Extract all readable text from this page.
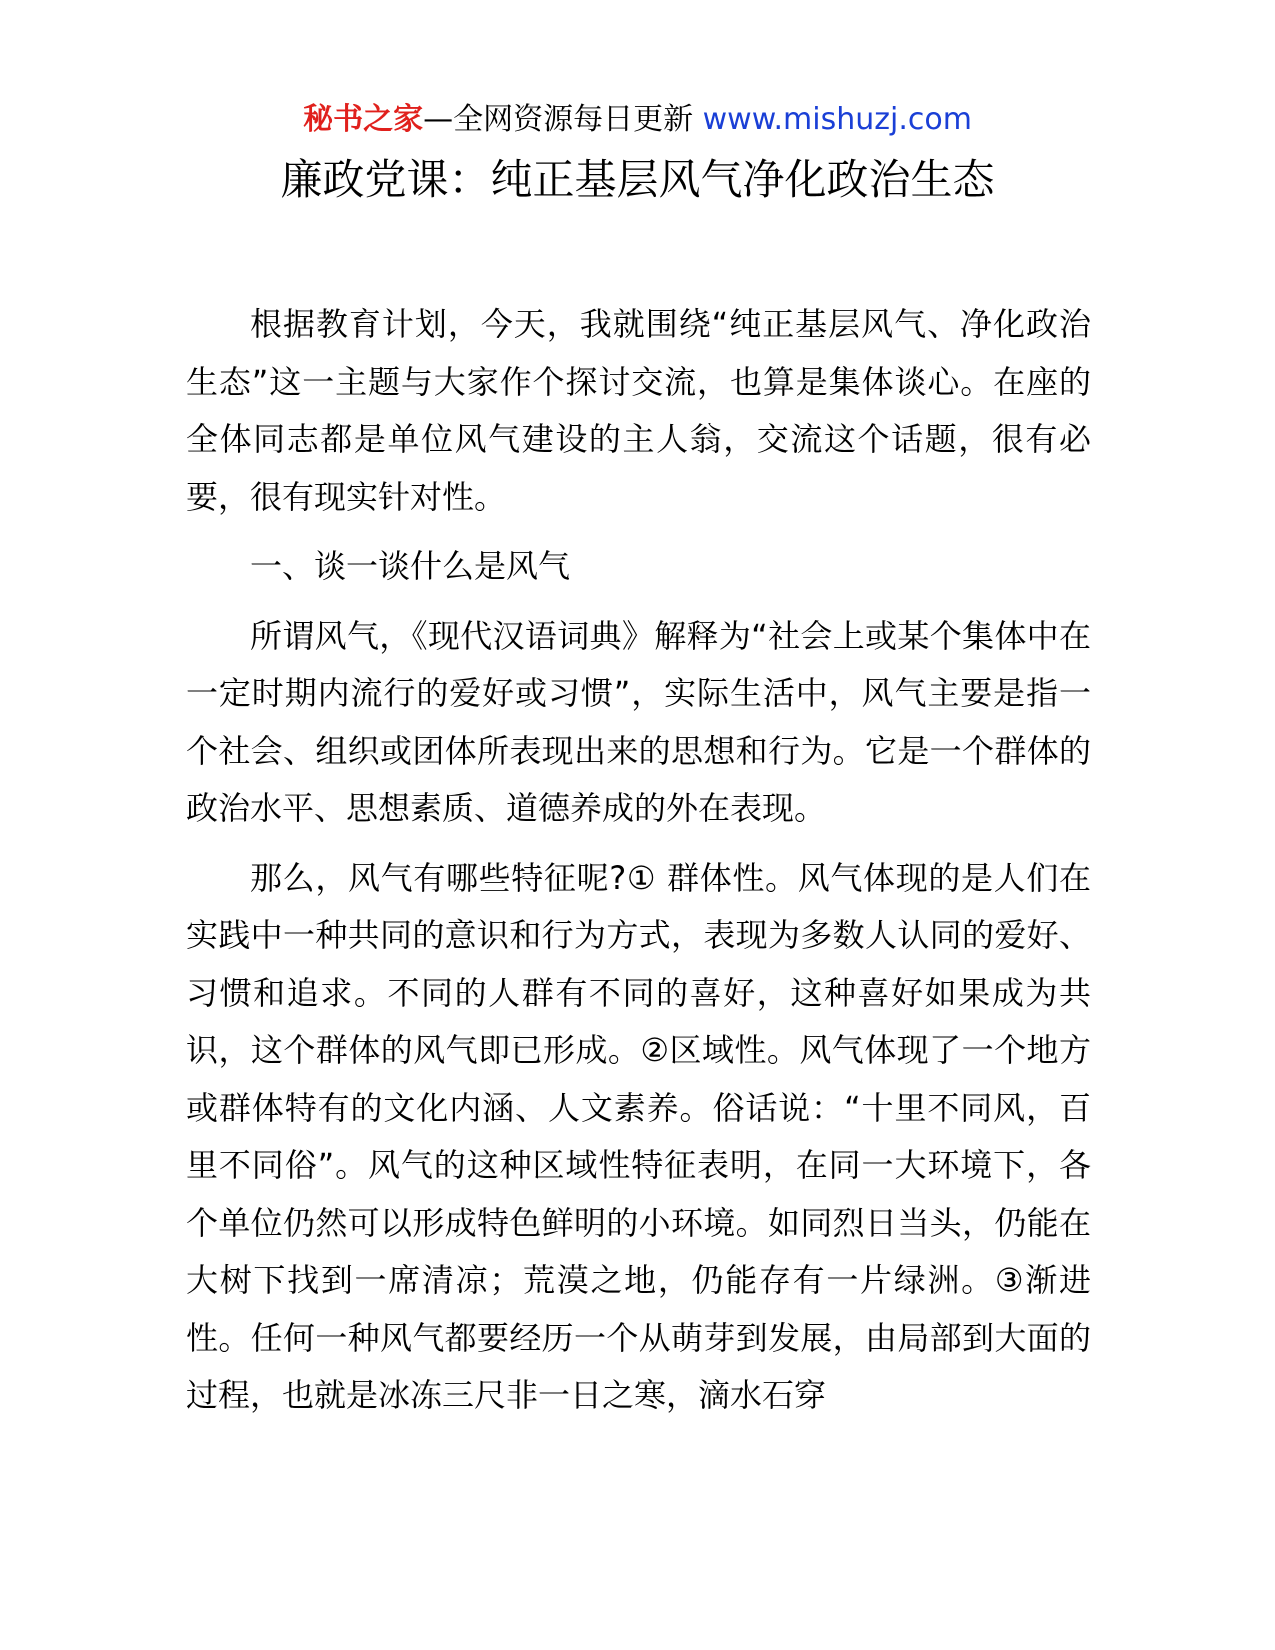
秘书之家—全网资源每日更新 www.mishuzj.com
廉政党课：纯正基层风气净化政治生态

根据教育计划，今天，我就围绕“纯正基层风气、净化政治生态”这一主题与大家作个探讨交流，也算是集体谈心。在座的全体同志都是单位风气建设的主人翁，交流这个话题，很有必要，很有现实针对性。

一、谈一谈什么是风气

所谓风气，《现代汉语词典》解释为“社会上或某个集体中在一定时期内流行的爱好或习惯”，实际生活中，风气主要是指一个社会、组织或团体所表现出来的思想和行为。它是一个群体的政治水平、思想素质、道德养成的外在表现。

那么，风气有哪些特征呢?① 群体性。风气体现的是人们在实践中一种共同的意识和行为方式，表现为多数人认同的爱好、习惯和追求。不同的人群有不同的喜好，这种喜好如果成为共识，这个群体的风气即已形成。②区域性。风气体现了一个地方或群体特有的文化内涵、人文素养。俗话说：“十里不同风，百里不同俗”。风气的这种区域性特征表明，在同一大环境下，各个单位仍然可以形成特色鲜明的小环境。如同烈日当头，仍能在大树下找到一席清凉；荒漠之地，仍能存有一片绿洲。③渐进性。任何一种风气都要经历一个从萌芽到发展，由局部到大面的过程，也就是冰冻三尺非一日之寒，滴水石穿
